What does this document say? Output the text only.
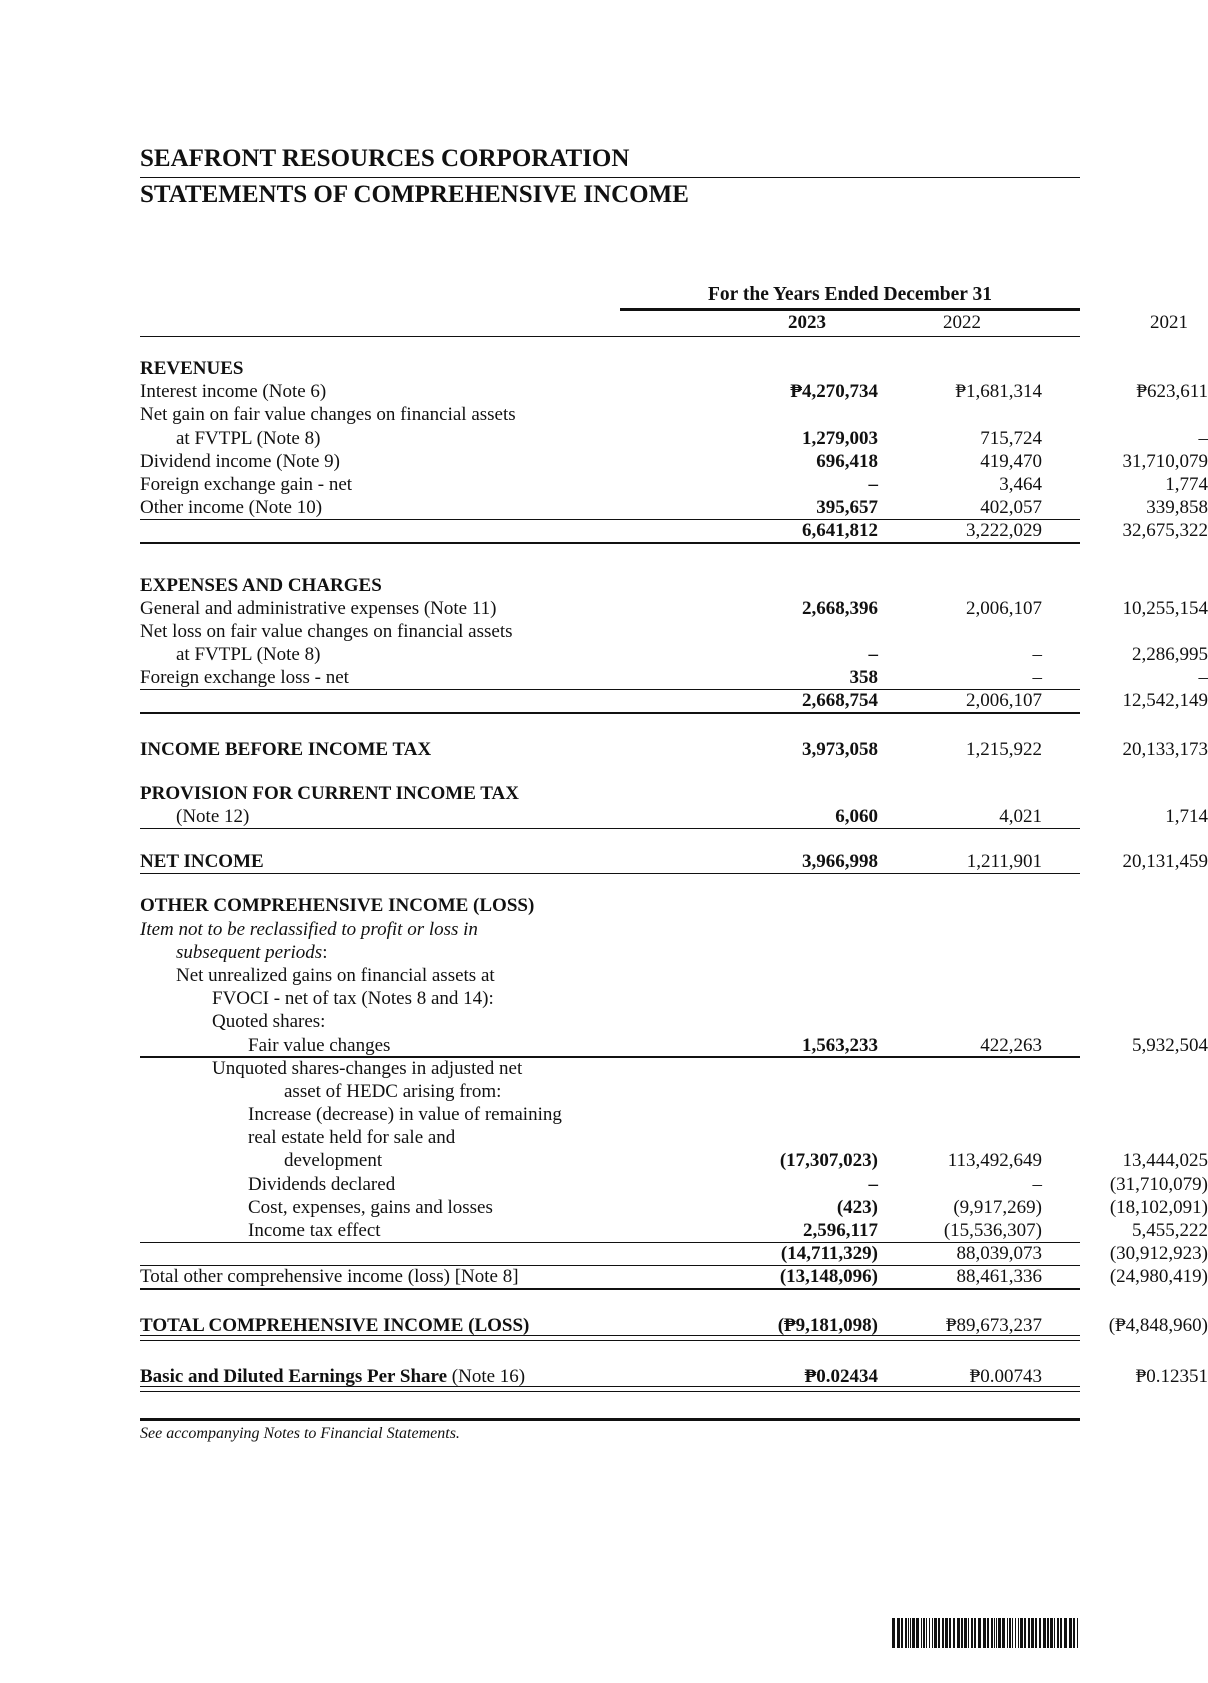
SEAFRONT RESOURCES CORPORATION
STATEMENTS OF COMPREHENSIVE INCOME
For the Years Ended December 31
2023	2022	2021
REVENUES
Interest income (Note 6)	₱4,270,734	₱1,681,314	₱623,611
Net gain on fair value changes on financial assets
at FVTPL (Note 8)	1,279,003	715,724	–
Dividend income (Note 9)	696,418	419,470	31,710,079
Foreign exchange gain - net	–	3,464	1,774
Other income (Note 10)	395,657	402,057	339,858
6,641,812	3,222,029	32,675,322
EXPENSES AND CHARGES
General and administrative expenses (Note 11)	2,668,396	2,006,107	10,255,154
Net loss on fair value changes on financial assets
at FVTPL (Note 8)	–	–	2,286,995
Foreign exchange loss - net	358	–	–
2,668,754	2,006,107	12,542,149
INCOME BEFORE INCOME TAX	3,973,058	1,215,922	20,133,173
PROVISION FOR CURRENT INCOME TAX
(Note 12)	6,060	4,021	1,714
NET INCOME	3,966,998	1,211,901	20,131,459
OTHER COMPREHENSIVE INCOME (LOSS)
Item not to be reclassified to profit or loss in
subsequent periods:
Net unrealized gains on financial assets at
FVOCI - net of tax (Notes 8 and 14):
Quoted shares:
Fair value changes	1,563,233	422,263	5,932,504
Unquoted shares-changes in adjusted net
asset of HEDC arising from:
Increase (decrease) in value of remaining
real estate held for sale and
development	(17,307,023)	113,492,649	13,444,025
Dividends declared	–	–	(31,710,079)
Cost, expenses, gains and losses	(423)	(9,917,269)	(18,102,091)
Income tax effect	2,596,117	(15,536,307)	5,455,222
(14,711,329)	88,039,073	(30,912,923)
Total other comprehensive income (loss) [Note 8]	(13,148,096)	88,461,336	(24,980,419)
TOTAL COMPREHENSIVE INCOME (LOSS)	(₱9,181,098)	₱89,673,237	(₱4,848,960)
Basic and Diluted Earnings Per Share (Note 16)	₱0.02434	₱0.00743	₱0.12351
See accompanying Notes to Financial Statements.
